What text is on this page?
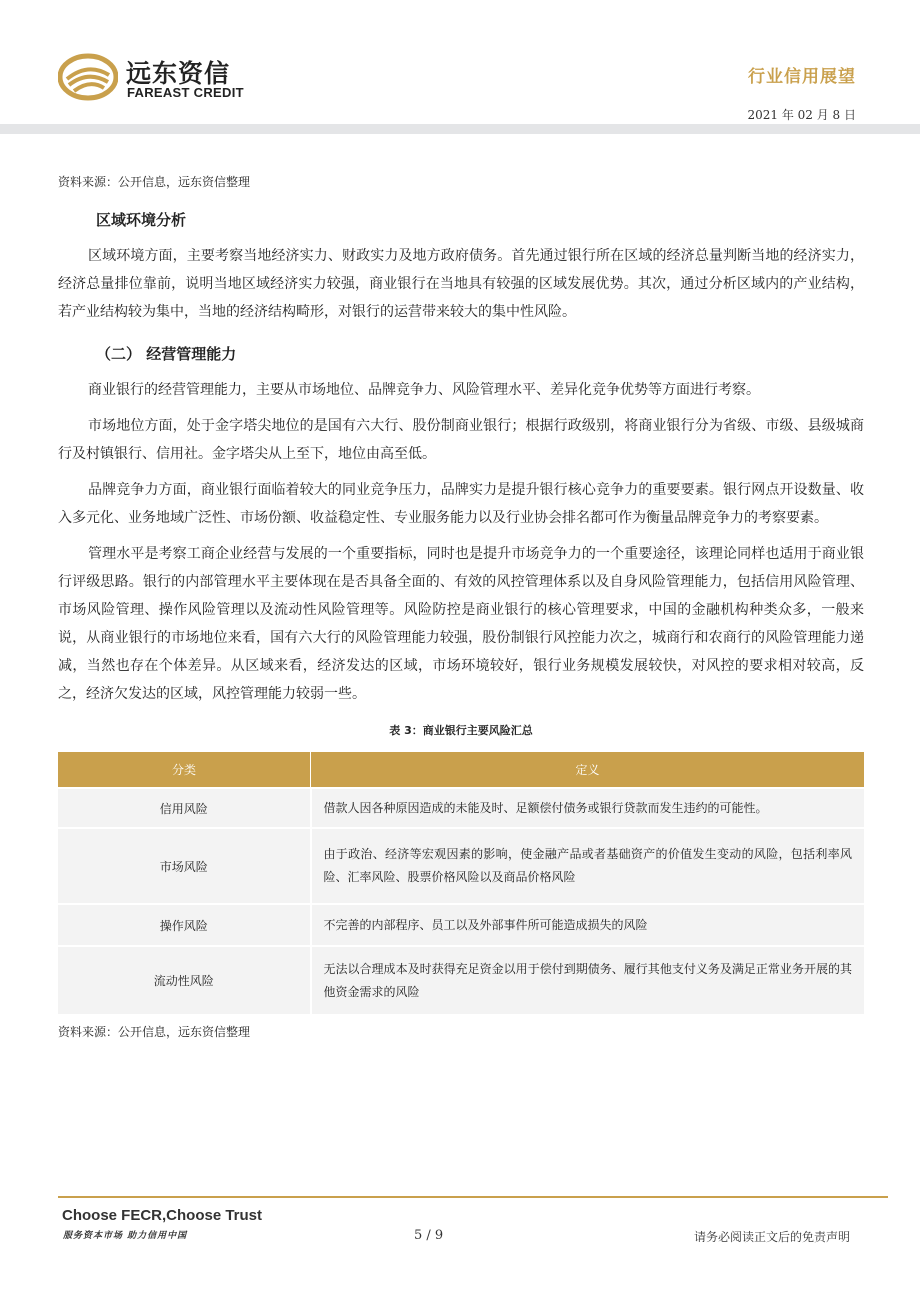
远东资信
FAREAST CREDIT
行业信用展望
2021 年 02 月 8 日
资料来源：公开信息，远东资信整理
区域环境分析

区域环境方面，主要考察当地经济实力、财政实力及地方政府债务。首先通过银行所在区域的经济总量判断当地的经济实力，经济总量排位靠前，说明当地区域经济实力较强，商业银行在当地具有较强的区域发展优势。其次，通过分析区域内的产业结构，若产业结构较为集中，当地的经济结构畸形，对银行的运营带来较大的集中性风险。

（二） 经营管理能力

商业银行的经营管理能力，主要从市场地位、品牌竞争力、风险管理水平、差异化竞争优势等方面进行考察。

市场地位方面，处于金字塔尖地位的是国有六大行、股份制商业银行；根据行政级别，将商业银行分为省级、市级、县级城商行及村镇银行、信用社。金字塔尖从上至下，地位由高至低。

品牌竞争力方面，商业银行面临着较大的同业竞争压力，品牌实力是提升银行核心竞争力的重要要素。银行网点开设数量、收入多元化、业务地域广泛性、市场份额、收益稳定性、专业服务能力以及行业协会排名都可作为衡量品牌竞争力的考察要素。

管理水平是考察工商企业经营与发展的一个重要指标，同时也是提升市场竞争力的一个重要途径，该理论同样也适用于商业银行评级思路。银行的内部管理水平主要体现在是否具备全面的、有效的风控管理体系以及自身风险管理能力，包括信用风险管理、市场风险管理、操作风险管理以及流动性风险管理等。风险防控是商业银行的核心管理要求，中国的金融机构种类众多，一般来说，从商业银行的市场地位来看，国有六大行的风险管理能力较强，股份制银行风控能力次之，城商行和农商行的风险管理能力递减，当然也存在个体差异。从区域来看，经济发达的区域，市场环境较好，银行业务规模发展较快，对风控的要求相对较高，反之，经济欠发达的区域，风控管理能力较弱一些。

表 3：商业银行主要风险汇总
分类	定义
信用风险	借款人因各种原因造成的未能及时、足额偿付债务或银行贷款而发生违约的可能性。
市场风险	由于政治、经济等宏观因素的影响，使金融产品或者基础资产的价值发生变动的风险，包括利率风险、汇率风险、股票价格风险以及商品价格风险
操作风险	不完善的内部程序、员工以及外部事件所可能造成损失的风险
流动性风险	无法以合理成本及时获得充足资金以用于偿付到期债务、履行其他支付义务及满足正常业务开展的其他资金需求的风险
资料来源：公开信息，远东资信整理
Choose FECR,Choose Trust
服务资本市场 助力信用中国	5 / 9	请务必阅读正文后的免责声明
